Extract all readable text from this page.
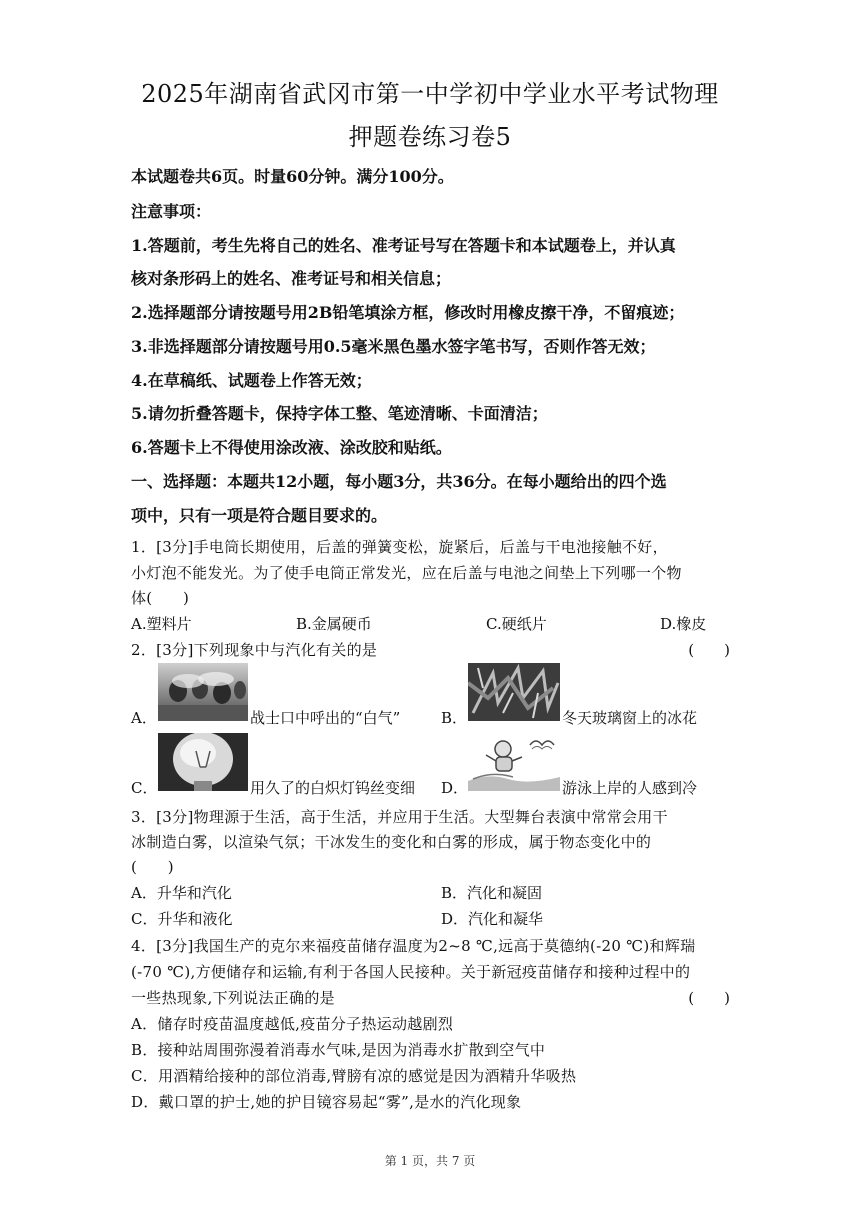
2025年湖南省武冈市第一中学初中学业水平考试物理
押题卷练习卷5
本试题卷共6页。时量60分钟。满分100分。
注意事项：
1.答题前，考生先将自己的姓名、准考证号写在答题卡和本试题卷上，并认真
核对条形码上的姓名、准考证号和相关信息；
2.选择题部分请按题号用2B铅笔填涂方框，修改时用橡皮擦干净，不留痕迹；
3.非选择题部分请按题号用0.5毫米黑色墨水签字笔书写，否则作答无效；
4.在草稿纸、试题卷上作答无效；
5.请勿折叠答题卡，保持字体工整、笔迹清晰、卡面清洁；
6.答题卡上不得使用涂改液、涂改胶和贴纸。
一、选择题：本题共12小题，每小题3分，共36分。在每小题给出的四个选
项中，只有一项是符合题目要求的。
1．[3分]手电筒长期使用，后盖的弹簧变松，旋紧后，后盖与干电池接触不好，
小灯泡不能发光。为了使手电筒正常发光，应在后盖与电池之间垫上下列哪一个物
体(　　)
A.塑料片	B.金属硬币	C.硬纸片	D.橡皮
2．[3分]下列现象中与汽化有关的是	(　　)
A．	战士口中呼出的“白气”	B．	冬天玻璃窗上的冰花
C．	用久了的白炽灯钨丝变细 D．	游泳上岸的人感到冷
3．[3分]物理源于生活，高于生活，并应用于生活。大型舞台表演中常常会用干
冰制造白雾，以渲染气氛；干冰发生的变化和白雾的形成，属于物态变化中的
(　　)
A．升华和汽化	B．汽化和凝固
C．升华和液化	D．汽化和凝华
4．[3分]我国生产的克尔来福疫苗储存温度为2~8 ℃,远高于莫德纳(-20 ℃)和辉瑞
(-70 ℃),方便储存和运输,有利于各国人民接种。关于新冠疫苗储存和接种过程中的
一些热现象,下列说法正确的是	(　　)
A．储存时疫苗温度越低,疫苗分子热运动越剧烈
B．接种站周围弥漫着消毒水气味,是因为消毒水扩散到空气中
C．用酒精给接种的部位消毒,臂膀有凉的感觉是因为酒精升华吸热
D．戴口罩的护士,她的护目镜容易起“雾”,是水的汽化现象
第 1 页，共 7 页
